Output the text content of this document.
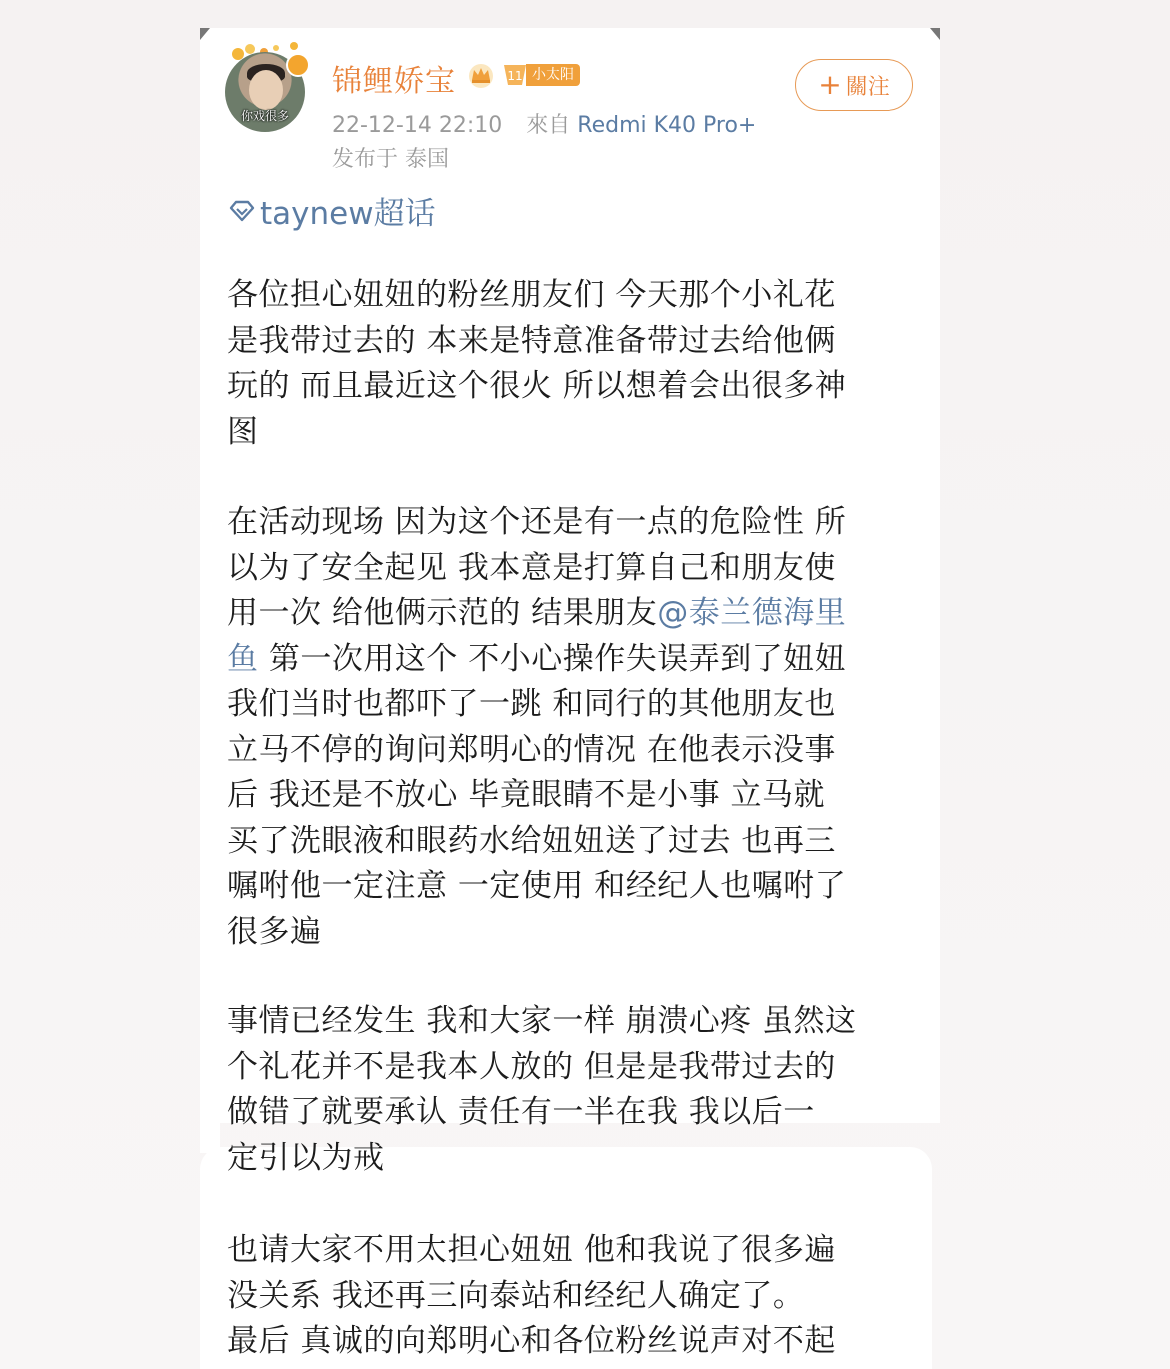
你戏很多
锦鲤娇宝	11 小太阳
22-12-14 22:10 來自 Redmi K40 Pro+
发布于 泰国
+ 關注
taynew超话
各位担心妞妞的粉丝朋友们 今天那个小礼花
是我带过去的 本来是特意准备带过去给他俩
玩的 而且最近这个很火 所以想着会出很多神
图
在活动现场 因为这个还是有一点的危险性 所
以为了安全起见 我本意是打算自己和朋友使
用一次 给他俩示范的 结果朋友@泰兰德海里
鱼 第一次用这个 不小心操作失误弄到了妞妞
我们当时也都吓了一跳 和同行的其他朋友也
立马不停的询问郑明心的情况 在他表示没事
后 我还是不放心 毕竟眼睛不是小事 立马就
买了洗眼液和眼药水给妞妞送了过去 也再三
嘱咐他一定注意 一定使用 和经纪人也嘱咐了
很多遍
事情已经发生 我和大家一样 崩溃心疼 虽然这
个礼花并不是我本人放的 但是是我带过去的
做错了就要承认 责任有一半在我 我以后一
定引以为戒
也请大家不用太担心妞妞 他和我说了很多遍
没关系 我还再三向泰站和经纪人确定了。
最后 真诚的向郑明心和各位粉丝说声对不起
